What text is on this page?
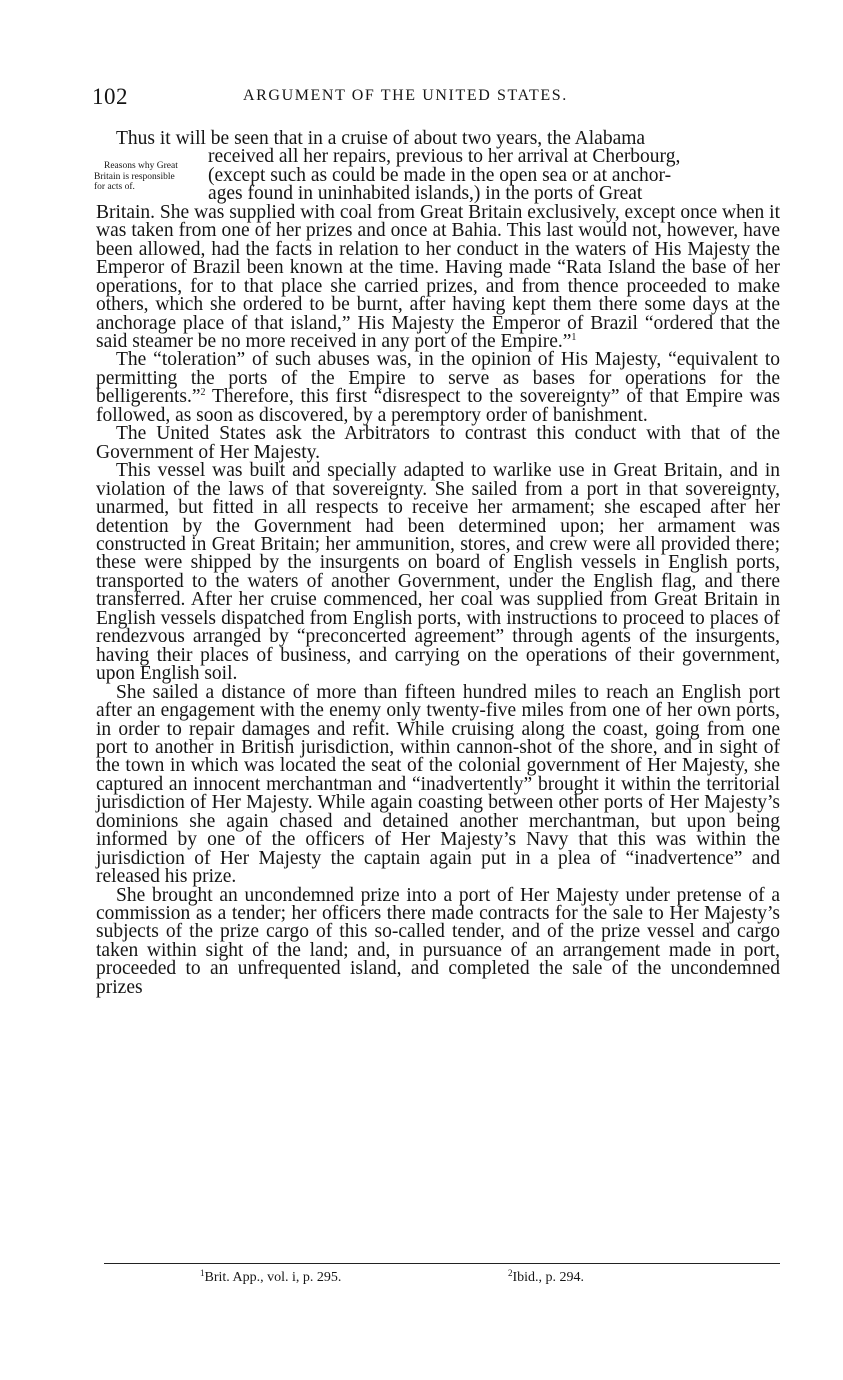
102	ARGUMENT OF THE UNITED STATES.
Reasons why Great
Britain is responsible
for acts of.

Thus it will be seen that in a cruise of about two years, the Alabama
received all her repairs, previous to her arrival at Cherbourg,
(except such as could be made in the open sea or at anchor-
ages found in uninhabited islands,) in the ports of Great
Britain. She was supplied with coal from Great Britain exclusively, except once when it was taken from one of her prizes and once at Bahia. This last would not, however, have been allowed, had the facts in relation to her conduct in the waters of His Majesty the Emperor of Brazil been known at the time. Having made “Rata Island the base of her operations, for to that place she carried prizes, and from thence proceeded to make others, which she ordered to be burnt, after having kept them there some days at the anchorage place of that island,” His Majesty the Emperor of Brazil “ordered that the said steamer be no more received in any port of the Empire.”$^1$

The “toleration” of such abuses was, in the opinion of His Majesty, “equivalent to permitting the ports of the Empire to serve as bases for operations for the belligerents.”$^2$ Therefore, this first “disrespect to the sovereignty” of that Empire was followed, as soon as discovered, by a peremptory order of banishment.

The United States ask the Arbitrators to contrast this conduct with that of the Government of Her Majesty.

This vessel was built and specially adapted to warlike use in Great Britain, and in violation of the laws of that sovereignty. She sailed from a port in that sovereignty, unarmed, but fitted in all respects to receive her armament; she escaped after her detention by the Government had been determined upon; her armament was constructed in Great Britain; her ammunition, stores, and crew were all provided there; these were shipped by the insurgents on board of English vessels in English ports, transported to the waters of another Government, under the English flag, and there transferred. After her cruise commenced, her coal was supplied from Great Britain in English vessels dispatched from English ports, with instructions to proceed to places of rendezvous arranged by “preconcerted agreement” through agents of the insurgents, having their places of business, and carrying on the operations of their government, upon English soil.

She sailed a distance of more than fifteen hundred miles to reach an English port after an engagement with the enemy only twenty-five miles from one of her own ports, in order to repair damages and refit. While cruising along the coast, going from one port to another in British jurisdiction, within cannon-shot of the shore, and in sight of the town in which was located the seat of the colonial government of Her Majesty, she captured an innocent merchantman and “inadvertently” brought it within the territorial jurisdiction of Her Majesty. While again coasting between other ports of Her Majesty’s dominions she again chased and detained another merchantman, but upon being informed by one of the officers of Her Majesty’s Navy that this was within the jurisdiction of Her Majesty the captain again put in a plea of “inadvertence” and released his prize.

She brought an uncondemned prize into a port of Her Majesty under pretense of a commission as a tender; her officers there made contracts for the sale to Her Majesty’s subjects of the prize cargo of this so-called tender, and of the prize vessel and cargo taken within sight of the land; and, in pursuance of an arrangement made in port, proceeded to an unfrequented island, and completed the sale of the uncondemned prizes

$^1$Brit. App., vol. i, p. 295.	$^2$Ibid., p. 294.
